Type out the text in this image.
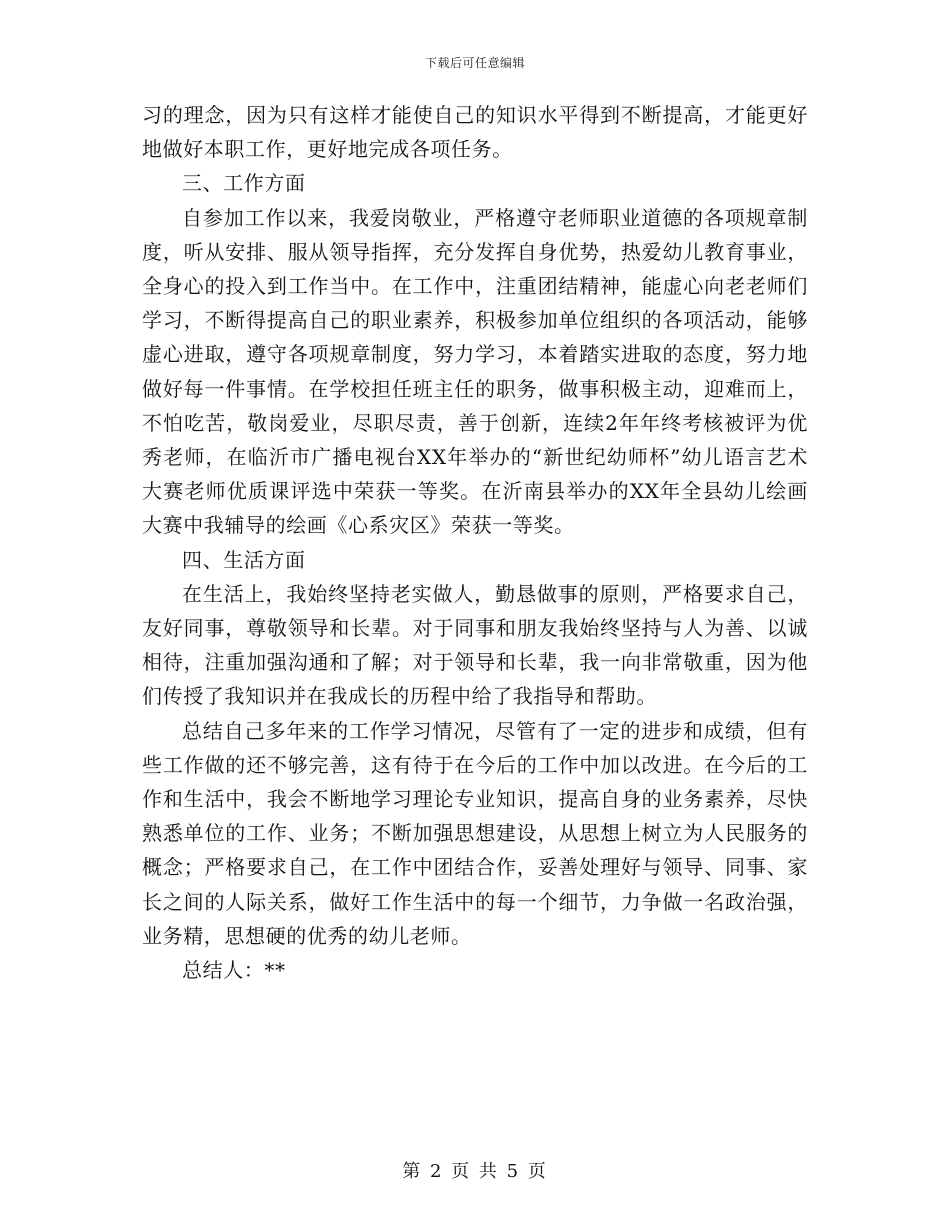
下载后可任意编辑

习的理念，因为只有这样才能使自己的知识水平得到不断提高，才能更好地做好本职工作，更好地完成各项任务。

三、工作方面

自参加工作以来，我爱岗敬业，严格遵守老师职业道德的各项规章制度，听从安排、服从领导指挥，充分发挥自身优势，热爱幼儿教育事业，全身心的投入到工作当中。在工作中，注重团结精神，能虚心向老老师们学习，不断得提高自己的职业素养，积极参加单位组织的各项活动，能够虚心进取，遵守各项规章制度，努力学习，本着踏实进取的态度，努力地做好每一件事情。在学校担任班主任的职务，做事积极主动，迎难而上，不怕吃苦，敬岗爱业，尽职尽责，善于创新，连续2年年终考核被评为优秀老师，在临沂市广播电视台XX年举办的“新世纪幼师杯”幼儿语言艺术大赛老师优质课评选中荣获一等奖。在沂南县举办的XX年全县幼儿绘画大赛中我辅导的绘画《心系灾区》荣获一等奖。

四、生活方面

在生活上，我始终坚持老实做人，勤恳做事的原则，严格要求自己，友好同事，尊敬领导和长辈。对于同事和朋友我始终坚持与人为善、以诚相待，注重加强沟通和了解；对于领导和长辈，我一向非常敬重，因为他们传授了我知识并在我成长的历程中给了我指导和帮助。

总结自己多年来的工作学习情况，尽管有了一定的进步和成绩，但有些工作做的还不够完善，这有待于在今后的工作中加以改进。在今后的工作和生活中，我会不断地学习理论专业知识，提高自身的业务素养，尽快熟悉单位的工作、业务；不断加强思想建设，从思想上树立为人民服务的概念；严格要求自己，在工作中团结合作，妥善处理好与领导、同事、家长之间的人际关系，做好工作生活中的每一个细节，力争做一名政治强，业务精，思想硬的优秀的幼儿老师。

总结人：**

第 2 页 共 5 页
